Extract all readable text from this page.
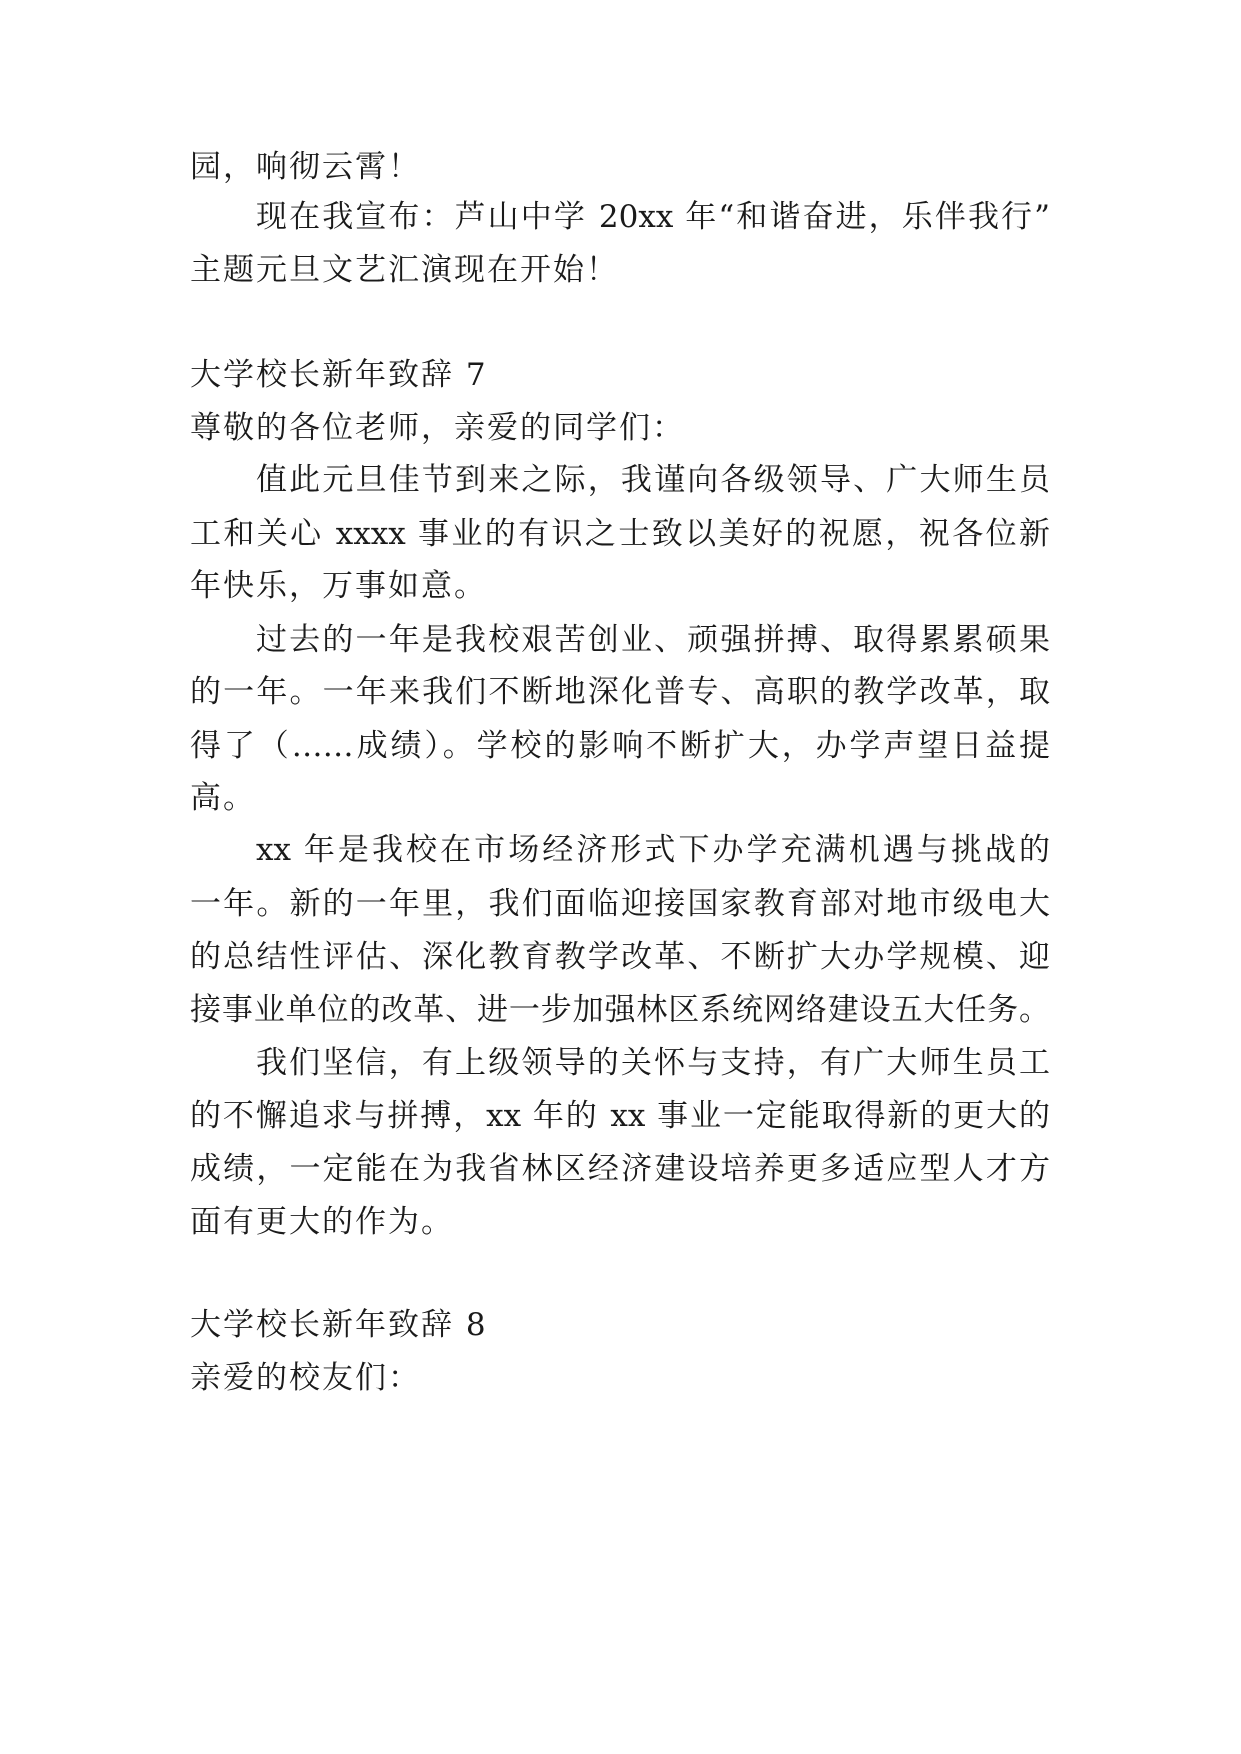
园，响彻云霄！
现在我宣布：芦山中学 20xx 年“和谐奋进，乐伴我行”
主题元旦文艺汇演现在开始！
大学校长新年致辞 7
尊敬的各位老师，亲爱的同学们：
值此元旦佳节到来之际，我谨向各级领导、广大师生员
工和关心 xxxx 事业的有识之士致以美好的祝愿，祝各位新
年快乐，万事如意。
过去的一年是我校艰苦创业、顽强拼搏、取得累累硕果
的一年。一年来我们不断地深化普专、高职的教学改革，取
得了（……成绩）。学校的影响不断扩大，办学声望日益提
高。
xx 年是我校在市场经济形式下办学充满机遇与挑战的
一年。新的一年里，我们面临迎接国家教育部对地市级电大
的总结性评估、深化教育教学改革、不断扩大办学规模、迎
接事业单位的改革、进一步加强林区系统网络建设五大任务。
我们坚信，有上级领导的关怀与支持，有广大师生员工
的不懈追求与拼搏，xx 年的 xx 事业一定能取得新的更大的
成绩，一定能在为我省林区经济建设培养更多适应型人才方
面有更大的作为。
大学校长新年致辞 8
亲爱的校友们：
